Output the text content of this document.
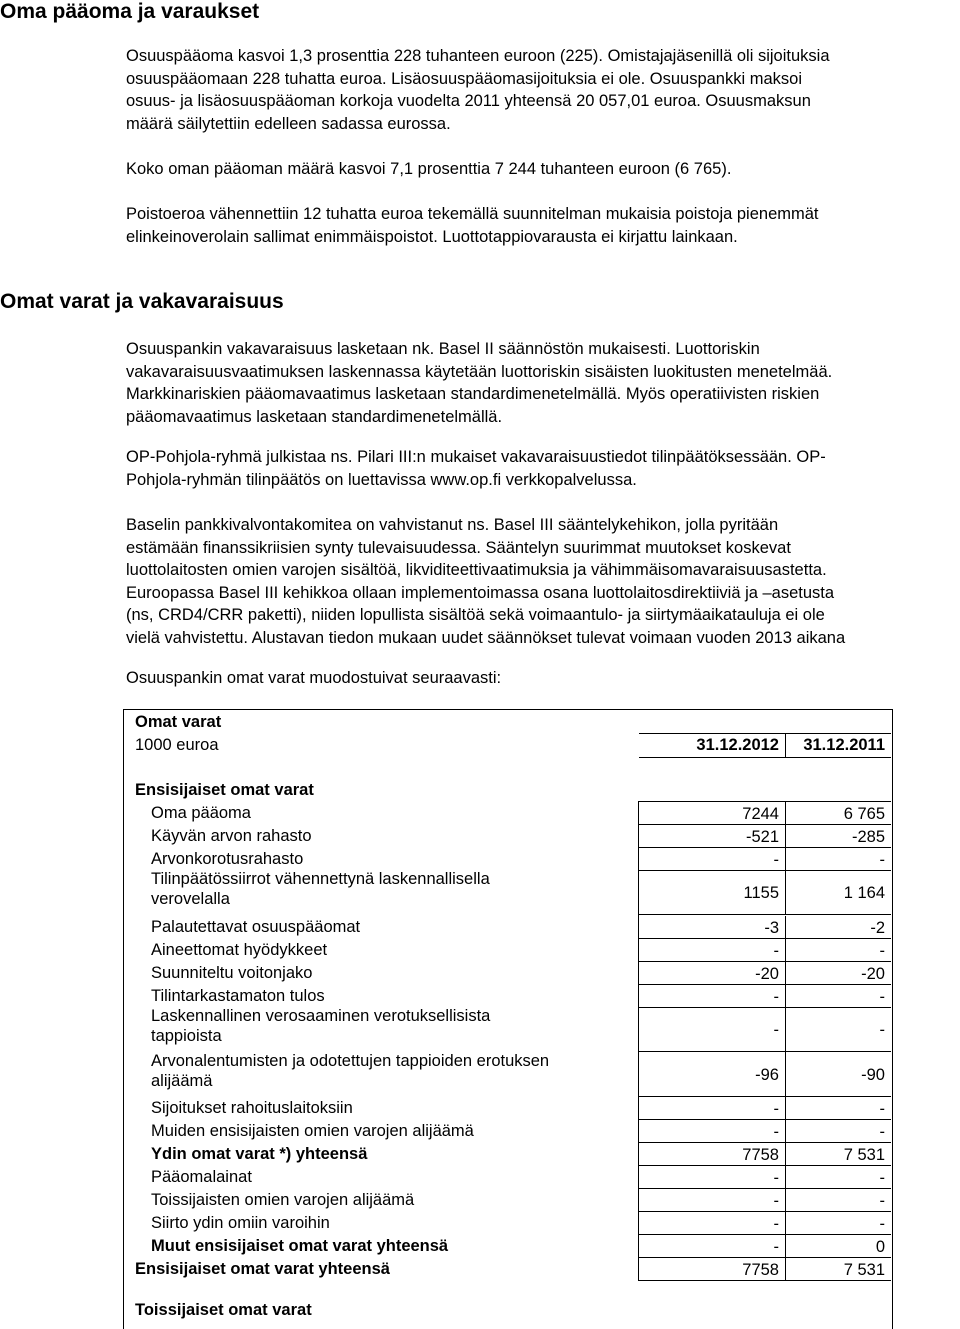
Oma pääoma ja varaukset

Osuuspääoma kasvoi 1,3 prosenttia 228 tuhanteen euroon (225). Omistajajäsenillä oli sijoituksia
osuuspääomaan 228 tuhatta euroa. Lisäosuuspääomasijoituksia ei ole. Osuuspankki maksoi
osuus- ja lisäosuuspääoman korkoja vuodelta 2011 yhteensä 20 057,01 euroa. Osuusmaksun
määrä säilytettiin edelleen sadassa eurossa.

Koko oman pääoman määrä kasvoi 7,1 prosenttia 7 244 tuhanteen euroon (6 765).

Poistoeroa vähennettiin 12 tuhatta euroa tekemällä suunnitelman mukaisia poistoja pienemmät
elinkeinoverolain sallimat enimmäispoistot. Luottotappiovarausta ei kirjattu lainkaan.

Omat varat ja vakavaraisuus

Osuuspankin vakavaraisuus lasketaan nk. Basel II säännöstön mukaisesti. Luottoriskin
vakavaraisuusvaatimuksen laskennassa käytetään luottoriskin sisäisten luokitusten menetelmää.
Markkinariskien pääomavaatimus lasketaan standardimenetelmällä. Myös operatiivisten riskien
pääomavaatimus lasketaan standardimenetelmällä.

OP-Pohjola-ryhmä julkistaa ns. Pilari III:n mukaiset vakavaraisuustiedot tilinpäätöksessään. OP-
Pohjola-ryhmän tilinpäätös on luettavissa www.op.fi verkkopalvelussa.

Baselin pankkivalvontakomitea on vahvistanut ns. Basel III sääntelykehikon, jolla pyritään
estämään finanssikriisien synty tulevaisuudessa. Sääntelyn suurimmat muutokset koskevat
luottolaitosten omien varojen sisältöä, likviditeettivaatimuksia ja vähimmäisomavaraisuusastetta.
Euroopassa Basel III kehikkoa ollaan implementoimassa osana luottolaitosdirektiiviä ja –asetusta
(ns, CRD4/CRR paketti), niiden lopullista sisältöä sekä voimaantulo- ja siirtymäaikatauluja ei ole
vielä vahvistettu. Alustavan tiedon mukaan uudet säännökset tulevat voimaan vuoden 2013 aikana

Osuuspankin omat varat muodostuivat seuraavasti:

Omat varat
1000 euroa	31.12.2012	31.12.2011
Ensisijaiset omat varat
Oma pääoma	7244	6 765
Käyvän arvon rahasto	-521	-285
Arvonkorotusrahasto	-	-
Tilinpäätössiirrot vähennettynä laskennallisella
verovelalla	1155	1 164
Palautettavat osuuspääomat	-3	-2
Aineettomat hyödykkeet	-	-
Suunniteltu voitonjako	-20	-20
Tilintarkastamaton tulos	-	-
Laskennallinen verosaaminen verotuksellisista
tappioista	-	-
Arvonalentumisten ja odotettujen tappioiden erotuksen
alijäämä	-96	-90
Sijoitukset rahoituslaitoksiin	-	-
Muiden ensisijaisten omien varojen alijäämä	-	-
Ydin omat varat *) yhteensä	7758	7 531
Pääomalainat	-	-
Toissijaisten omien varojen alijäämä	-	-
Siirto ydin omiin varoihin	-	-
Muut ensisijaiset omat varat yhteensä	-	0
Ensisijaiset omat varat yhteensä	7758	7 531
Toissijaiset omat varat
